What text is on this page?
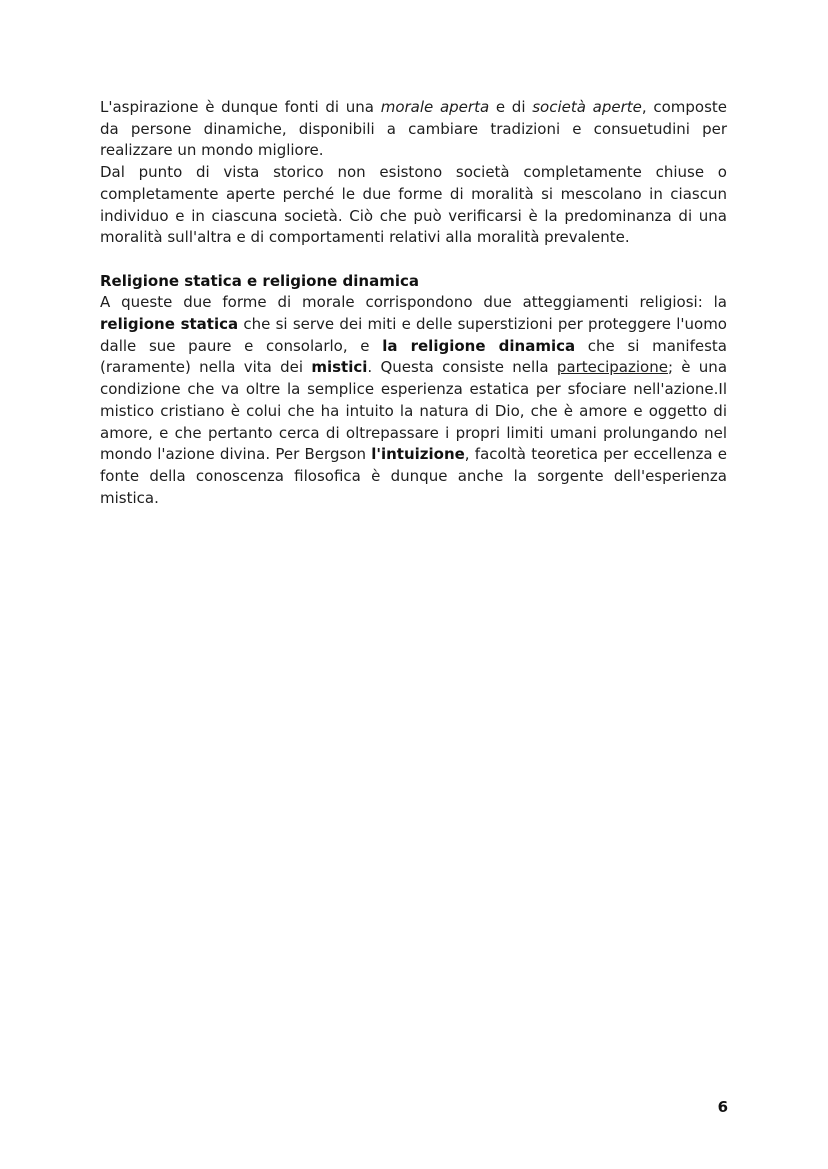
L'aspirazione è dunque fonti di una morale aperta e di società aperte, composte da persone dinamiche, disponibili a cambiare tradizioni e consuetudini per realizzare un mondo migliore.

Dal punto di vista storico non esistono società completamente chiuse o completamente aperte perché le due forme di moralità si mescolano in ciascun individuo e in ciascuna società. Ciò che può verificarsi è la predominanza di una moralità sull'altra e di comportamenti relativi alla moralità prevalente.

Religione statica e religione dinamica

A queste due forme di morale corrispondono due atteggiamenti religiosi: la religione statica che si serve dei miti e delle superstizioni per proteggere l'uomo dalle sue paure e consolarlo, e la religione dinamica che si manifesta (raramente) nella vita dei mistici. Questa consiste nella partecipazione; è una condizione che va oltre la semplice esperienza estatica per sfociare nell'azione.Il mistico cristiano è colui che ha intuito la natura di Dio, che è amore e oggetto di amore, e che pertanto cerca di oltrepassare i propri limiti umani prolungando nel mondo l'azione divina. Per Bergson l'intuizione, facoltà teoretica per eccellenza e fonte della conoscenza filosofica è dunque anche la sorgente dell'esperienza mistica.

6
